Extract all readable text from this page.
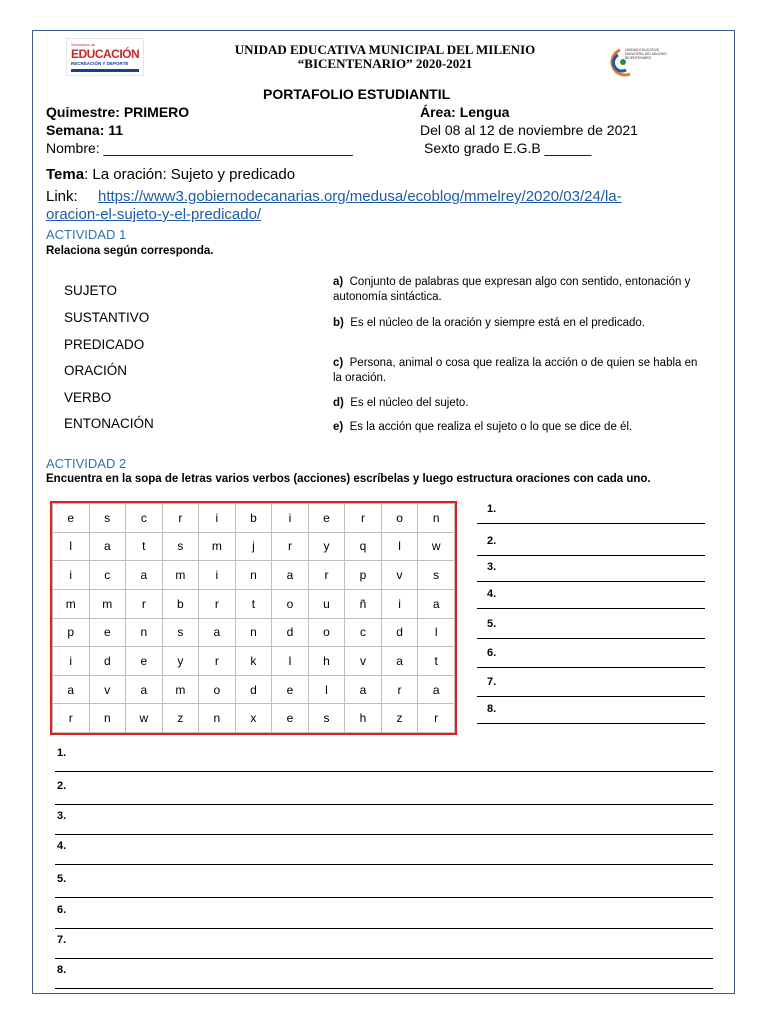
Secretaría de
EDUCACIÓN
RECREACIÓN Y DEPORTE
UNIDAD EDUCATIVA MUNICIPAL DEL MILENIO BICENTENARIO
UNIDAD EDUCATIVA MUNICIPAL DEL MILENIO
“BICENTENARIO” 2020-2021
PORTAFOLIO ESTUDIANTIL
Quimestre: PRIMERO	Área: Lengua
Semana: 11	Del 08 al 12 de noviembre de 2021
Nombre: ________________________________	Sexto grado E.G.B ______
Tema: La oración: Sujeto y predicado
Link: https://www3.gobiernodecanarias.org/medusa/ecoblog/mmelrey/2020/03/24/la-
oracion-el-sujeto-y-el-predicado/
ACTIVIDAD 1
Relaciona según corresponda.
SUJETO
SUSTANTIVO
PREDICADO
ORACIÓN
VERBO
ENTONACIÓN
a) Conjunto de palabras que expresan algo con sentido, entonación y autonomía sintáctica.
b) Es el núcleo de la oración y siempre está en el predicado.
c) Persona, animal o cosa que realiza la acción o de quien se habla en la oración.
d) Es el núcleo del sujeto.
e) Es la acción que realiza el sujeto o lo que se dice de él.
ACTIVIDAD 2
Encuentra en la sopa de letras varios verbos (acciones) escríbelas y luego estructura oraciones con cada uno.
e	s	c	r	i	b	i	e	r	o	n
l	a	t	s	m	j	r	y	q	l	w
i	c	a	m	i	n	a	r	p	v	s
m	m	r	b	r	t	o	u	ñ	i	a
p	e	n	s	a	n	d	o	c	d	l
i	d	e	y	r	k	l	h	v	a	t
a	v	a	m	o	d	e	l	a	r	a
r	n	w	z	n	x	e	s	h	z	r
1.
2.
3.
4.
5.
6.
7.
8.
1.
2.
3.
4.
5.
6.
7.
8.
